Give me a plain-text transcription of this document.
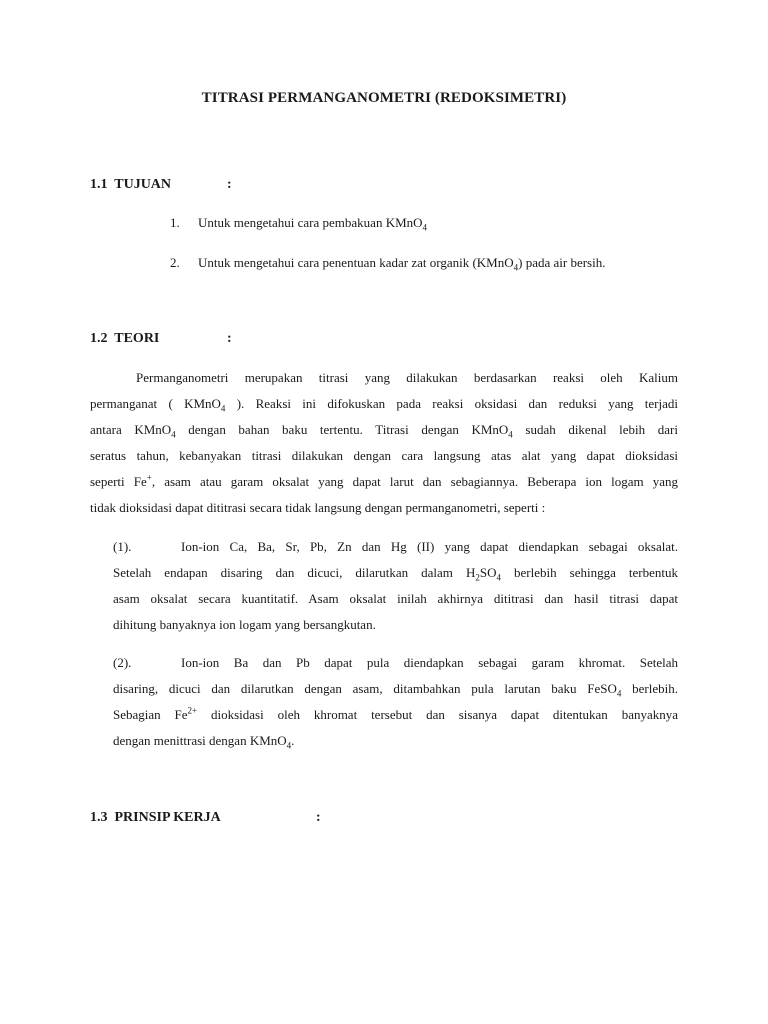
TITRASI PERMANGANOMETRI (REDOKSIMETRI)
1.1 TUJUAN	:
1. Untuk mengetahui cara pembakuan KMnO$_4$
2. Untuk mengetahui cara penentuan kadar zat organik (KMnO$_4$) pada air bersih.
1.2 TEORI	:
Permanganometri merupakan titrasi yang dilakukan berdasarkan reaksi oleh Kalium
permanganat ( KMnO$_4$ ). Reaksi ini difokuskan pada reaksi oksidasi dan reduksi yang terjadi
antara KMnO$_4$ dengan bahan baku tertentu. Titrasi dengan KMnO$_4$ sudah dikenal lebih dari
seratus tahun, kebanyakan titrasi dilakukan dengan cara langsung atas alat yang dapat dioksidasi
seperti Fe+, asam atau garam oksalat yang dapat larut dan sebagiannya. Beberapa ion logam yang
tidak dioksidasi dapat dititrasi secara tidak langsung dengan permanganometri, seperti :
(1).	Ion-ion Ca, Ba, Sr, Pb, Zn dan Hg (II) yang dapat diendapkan sebagai oksalat.
Setelah endapan disaring dan dicuci, dilarutkan dalam $H_2SO_4$ berlebih sehingga terbentuk
asam oksalat secara kuantitatif. Asam oksalat inilah akhirnya dititrasi dan hasil titrasi dapat
dihitung banyaknya ion logam yang bersangkutan.
(2).	Ion-ion Ba dan Pb dapat pula diendapkan sebagai garam khromat. Setelah
disaring, dicuci dan dilarutkan dengan asam, ditambahkan pula larutan baku FeSO$_4$ berlebih.
Sebagian $Fe^{2+}$ dioksidasi oleh khromat tersebut dan sisanya dapat ditentukan banyaknya
dengan menittrasi dengan KMnO$_4$.
1.3 PRINSIP KERJA	:
